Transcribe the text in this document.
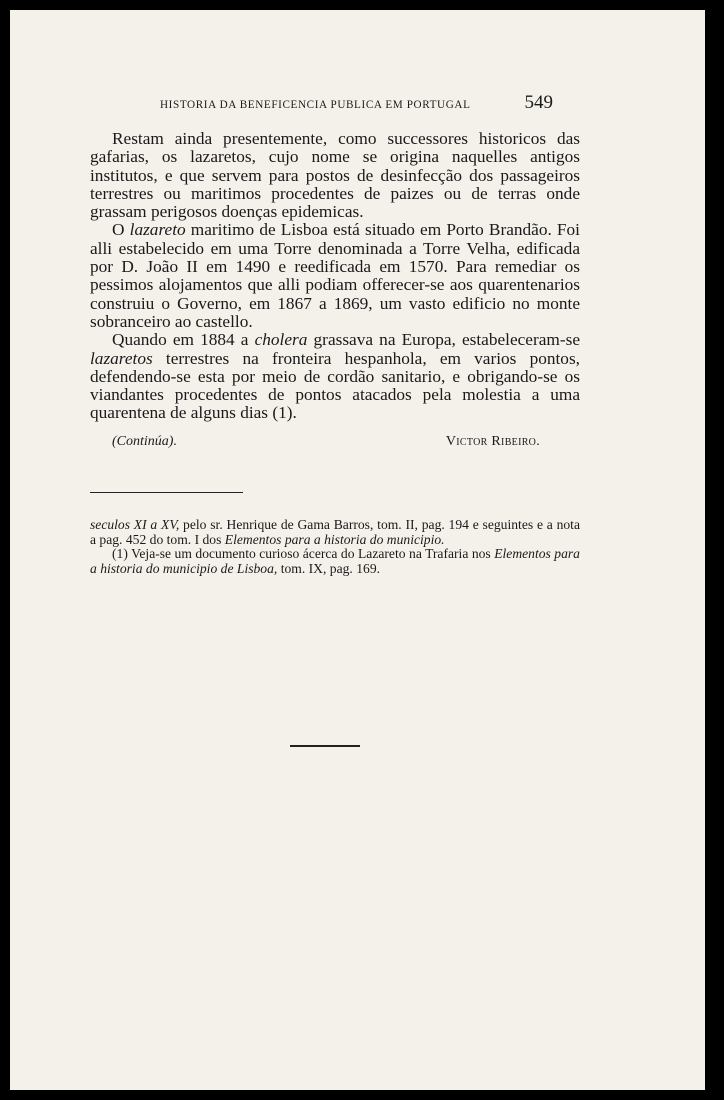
HISTORIA DA BENEFICENCIA PUBLICA EM PORTUGAL	549

Restam ainda presentemente, como successores historicos das gafarias, os lazaretos, cujo nome se origina naquelles antigos institutos, e que servem para postos de desinfecção dos passageiros terrestres ou maritimos procedentes de paizes ou de terras onde grassam perigosos doenças epidemicas.

O lazareto maritimo de Lisboa está situado em Porto Brandão. Foi alli estabelecido em uma Torre denominada a Torre Velha, edificada por D. João II em 1490 e reedificada em 1570. Para remediar os pessimos alojamentos que alli podiam offerecer-se aos quarentenarios construiu o Governo, em 1867 a 1869, um vasto edificio no monte sobranceiro ao castello.

Quando em 1884 a cholera grassava na Europa, estabeleceram-se lazaretos terrestres na fronteira hespanhola, em varios pontos, defendendo-se esta por meio de cordão sanitario, e obrigando-se os viandantes procedentes de pontos atacados pela molestia a uma quarentena de alguns dias (1).

(Continúa).	Victor Ribeiro.

seculos XI a XV, pelo sr. Henrique de Gama Barros, tom. II, pag. 194 e seguintes e a nota a pag. 452 do tom. I dos Elementos para a historia do municipio.

(1) Veja-se um documento curioso ácerca do Lazareto na Trafaria nos Elementos para a historia do municipio de Lisboa, tom. IX, pag. 169.
